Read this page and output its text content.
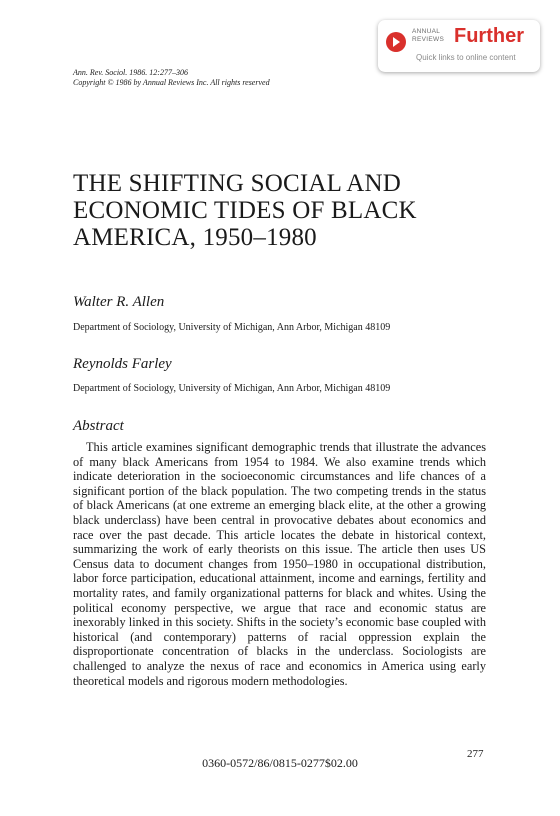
ANNUAL
REVIEWS Further
Quick links to online content
Ann. Rev. Sociol. 1986. 12:277–306
Copyright © 1986 by Annual Reviews Inc. All rights reserved
THE SHIFTING SOCIAL AND
ECONOMIC TIDES OF BLACK
AMERICA, 1950–1980
Walter R. Allen
Department of Sociology, University of Michigan, Ann Arbor, Michigan 48109
Reynolds Farley
Department of Sociology, University of Michigan, Ann Arbor, Michigan 48109
Abstract

This article examines significant demographic trends that illustrate the advances of many black Americans from 1954 to 1984. We also examine trends which indicate deterioration in the socioeconomic circumstances and life chances of a significant portion of the black population. The two competing trends in the status of black Americans (at one extreme an emerging black elite, at the other a growing black underclass) have been central in provocative debates about economics and race over the past decade. This article locates the debate in historical context, summarizing the work of early theorists on this issue. The article then uses US Census data to document changes from 1950–1980 in occupational distribution, labor force participation, educational attainment, income and earnings, fertility and mortality rates, and family organizational patterns for black and whites. Using the political economy perspective, we argue that race and economic status are inexorably linked in this society. Shifts in the society’s economic base coupled with historical (and contemporary) patterns of racial oppression explain the disproportionate concentration of blacks in the underclass. Sociologists are challenged to analyze the nexus of race and economics in America using early theoretical models and rigorous modern methodologies.

277
0360-0572/86/0815-0277$02.00
